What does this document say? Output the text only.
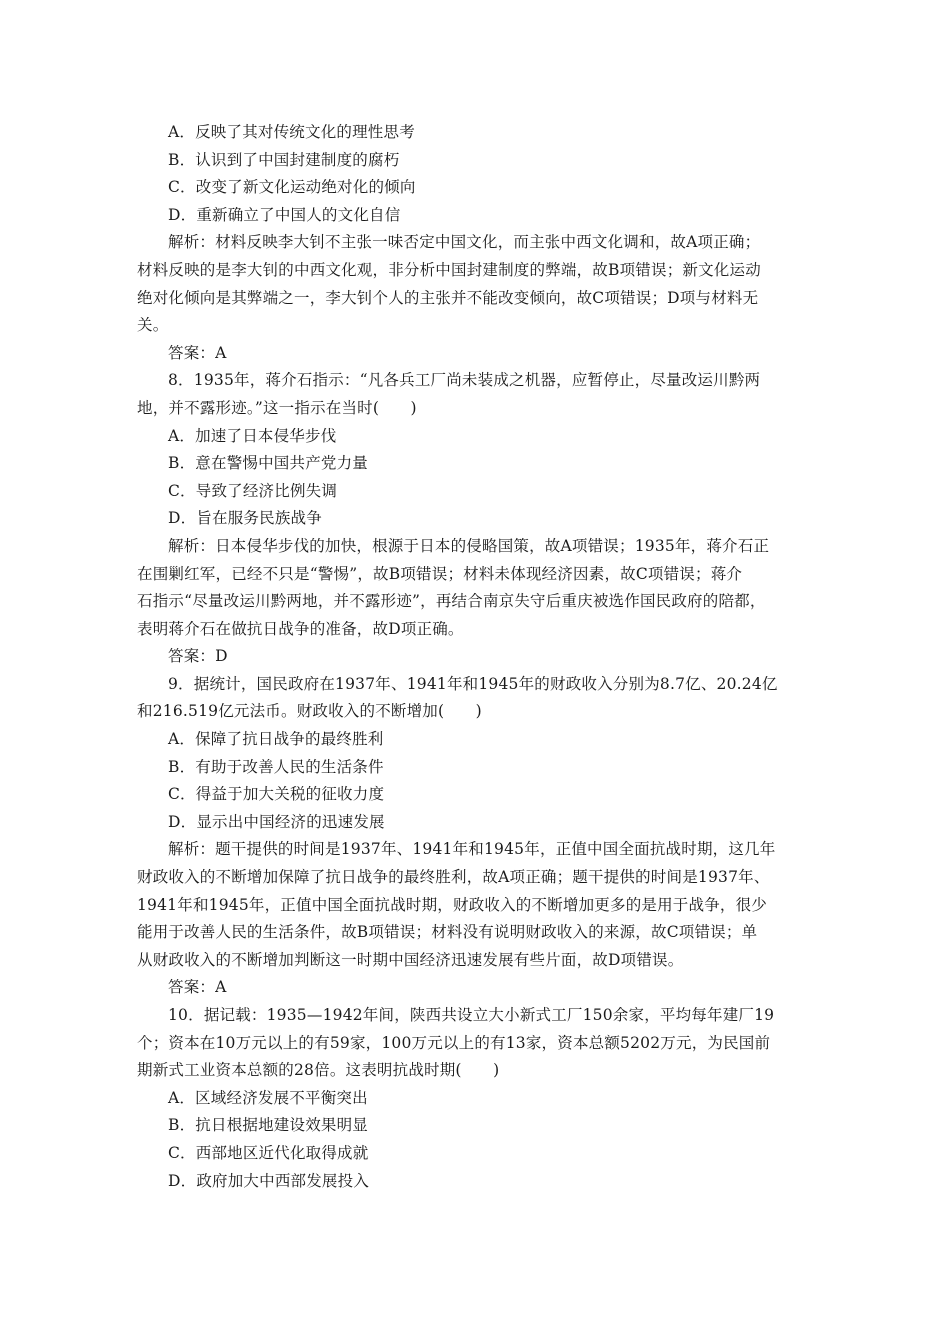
A．反映了其对传统文化的理性思考
B．认识到了中国封建制度的腐朽
C．改变了新文化运动绝对化的倾向
D．重新确立了中国人的文化自信
解析：材料反映李大钊不主张一味否定中国文化，而主张中西文化调和，故A项正确；
材料反映的是李大钊的中西文化观，非分析中国封建制度的弊端，故B项错误；新文化运动
绝对化倾向是其弊端之一，李大钊个人的主张并不能改变倾向，故C项错误；D项与材料无
关。
答案：A
8．1935年，蒋介石指示：“凡各兵工厂尚未装成之机器，应暂停止，尽量改运川黔两
地，并不露形迹。”这一指示在当时(　　)
A．加速了日本侵华步伐
B．意在警惕中国共产党力量
C．导致了经济比例失调
D．旨在服务民族战争
解析：日本侵华步伐的加快，根源于日本的侵略国策，故A项错误；1935年，蒋介石正
在围剿红军，已经不只是“警惕”，故B项错误；材料未体现经济因素，故C项错误；蒋介
石指示“尽量改运川黔两地，并不露形迹”，再结合南京失守后重庆被选作国民政府的陪都，
表明蒋介石在做抗日战争的准备，故D项正确。
答案：D
9．据统计，国民政府在1937年、1941年和1945年的财政收入分别为8.7亿、20.24亿
和216.519亿元法币。财政收入的不断增加(　　)
A．保障了抗日战争的最终胜利
B．有助于改善人民的生活条件
C．得益于加大关税的征收力度
D．显示出中国经济的迅速发展
解析：题干提供的时间是1937年、1941年和1945年，正值中国全面抗战时期，这几年
财政收入的不断增加保障了抗日战争的最终胜利，故A项正确；题干提供的时间是1937年、
1941年和1945年，正值中国全面抗战时期，财政收入的不断增加更多的是用于战争，很少
能用于改善人民的生活条件，故B项错误；材料没有说明财政收入的来源，故C项错误；单
从财政收入的不断增加判断这一时期中国经济迅速发展有些片面，故D项错误。
答案：A
10．据记载：1935—1942年间，陕西共设立大小新式工厂150余家，平均每年建厂19
个；资本在10万元以上的有59家，100万元以上的有13家，资本总额5202万元，为民国前
期新式工业资本总额的28倍。这表明抗战时期(　　)
A．区域经济发展不平衡突出
B．抗日根据地建设效果明显
C．西部地区近代化取得成就
D．政府加大中西部发展投入
